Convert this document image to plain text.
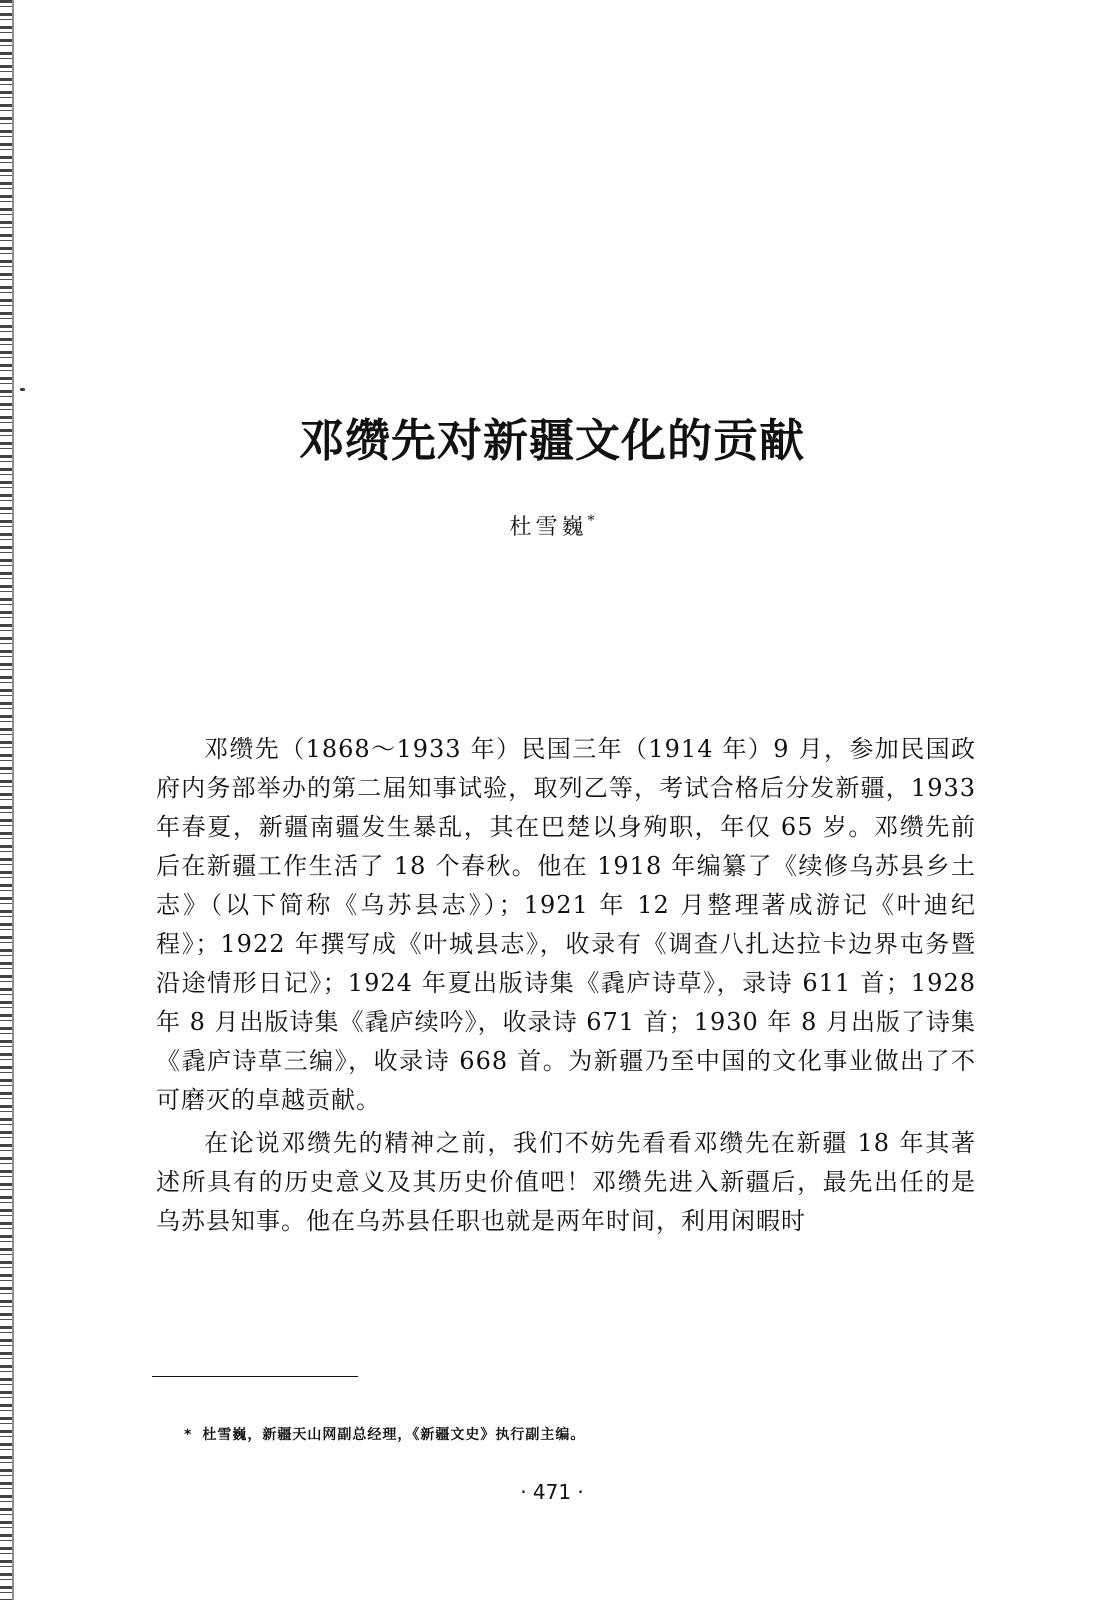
邓缵先对新疆文化的贡献
杜雪巍*

邓缵先（1868～1933 年）民国三年（1914 年）9 月，参加民国政府内务部举办的第二届知事试验，取列乙等，考试合格后分发新疆，1933 年春夏，新疆南疆发生暴乱，其在巴楚以身殉职，年仅 65 岁。邓缵先前后在新疆工作生活了 18 个春秋。他在 1918 年编纂了《续修乌苏县乡土志》（以下简称《乌苏县志》）；1921 年 12 月整理著成游记《叶迪纪程》；1922 年撰写成《叶城县志》，收录有《调查八扎达拉卡边界屯务暨沿途情形日记》；1924 年夏出版诗集《毳庐诗草》，录诗 611 首；1928 年 8 月出版诗集《毳庐续吟》，收录诗 671 首；1930 年 8 月出版了诗集《毳庐诗草三编》，收录诗 668 首。为新疆乃至中国的文化事业做出了不可磨灭的卓越贡献。

在论说邓缵先的精神之前，我们不妨先看看邓缵先在新疆 18 年其著述所具有的历史意义及其历史价值吧！邓缵先进入新疆后，最先出任的是乌苏县知事。他在乌苏县任职也就是两年时间，利用闲暇时

* 杜雪巍，新疆天山网副总经理，《新疆文史》执行副主编。
· 471 ·
